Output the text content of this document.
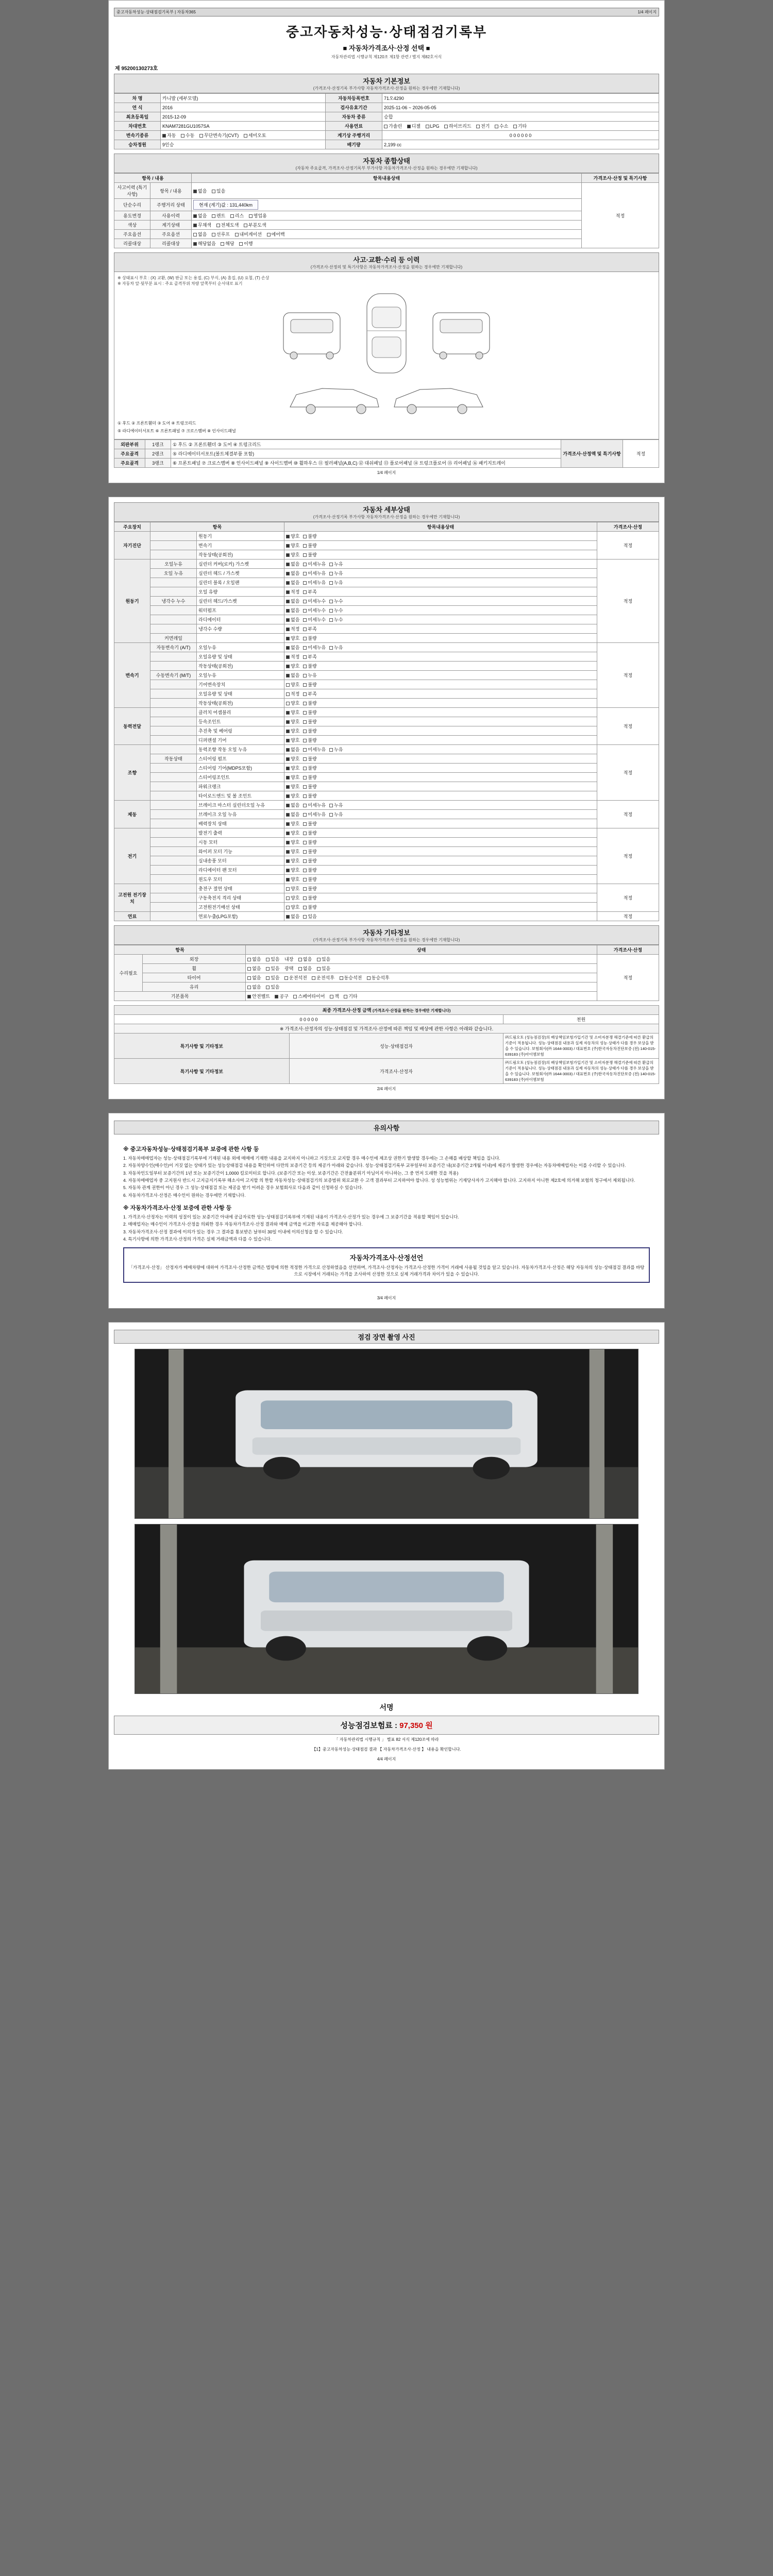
중고자동차성능·상태점검기록부 | 자동차365	1/4 페이지
중고자동차성능·상태점검기록부
■ 자동차가격조사·산정 선택 ■
자동차관리법 시행규칙 제120조 제1항 관련 / 별지 제82호서식
제 95200130273호
자동차 기본정보
(가격조사·산정기록 부가사항 자동차가격조사·산정을 원하는 경우에만 기재합니다)
차 명	카니발 (세부모델)	자동차등록번호	71오4290
연 식	2016	검사유효기간	2025-11-06 ~ 2026-05-05
최초등록일	2015-12-09	자동차 종류	승합
차대번호	KNAM7281GU1057SA	사용연료	가솔린 디젤 LPG 하이브리드 전기 수소 기타
변속기종류	자동 수동 무단변속기(CVT) 세미오토	계기상 주행거리	0 0 0 0 0 0
승차정원	9인승	배기량	2,199 cc
자동차 종합상태
(자동차 주요골격, 가격조사·산정기록부 부가사항 자동차가격조사·산정을 원하는 경우에만 기재합니다)
항목 / 내용		항목내용상태	가격조사·산정 및 특기사항
사고이력 (특기사항)	항목 / 내용	없음 있음	적정
단순수리	주행거리 상태	현재 (계기)값 : 131,440km	
용도변경	사용이력	없음 렌트 리스 영업용	
색상	계기상태	무채색 전체도색 부분도색	
주요옵션	주요옵션	없음 선루프 내비게이션 에어백	
리콜대상	리콜대상	해당없음 해당 이행	
사고·교환·수리 등 이력
(가격조사·산정의 및 특기사항은 자동차가격조사·산정을 원하는 경우에만 기재합니다)
※ 상태표시 부호 : (X) 교환, (W) 판금 또는 용접, (C) 부식, (A) 흠집, (U) 요철, (T) 손상
※ 자동차 앞·뒷부분 표시 : 주요 골격부위 차량 앞쪽부터 순서대로 표기
① 후드 ② 프론트휀더 ③ 도어 ④ 트렁크리드
⑤ 라디에이터서포트 ⑥ 프론트패널 ⑦ 크로스멤버 ⑧ 인사이드패널
외판부위	1랭크	① 후드 ② 프론트휀더 ③ 도어 ④ 트렁크리드	가격조사·산정액 및 특기사항	적정
주요골격	2랭크	⑤ 라디에이터서포트(볼트체결부품 포함)		
주요골격	3랭크	⑥ 프론트패널 ⑦ 크로스멤버 ⑧ 인사이드패널 ⑨ 사이드멤버 ⑩ 휠하우스 ⑪ 필러패널(A,B,C) ⑫ 대쉬패널 ⑬ 플로어패널 ⑭ 트렁크플로어 ⑮ 리어패널 ⑯ 패키지트레이		
1/4 페이지
자동차 세부상태
(가격조사·산정기록 부가사항 자동차가격조사·산정을 원하는 경우에만 기재합니다)
주요장치	항목		항목내용상태	가격조사·산정
자기진단		원동기	양호 불량	적정
		변속기	양호 불량	
		작동상태(공회전)	양호 불량	
원동기	오일누유	실린더 커버(로커) 가스켓	없음 미세누유 누유	적정
	오일 누유	실린더 헤드 / 가스켓	없음 미세누유 누유	
		실린더 블록 / 오일팬	없음 미세누유 누유	
		오일 유량	적정 부족	
	냉각수 누수	실린더 헤드/가스켓	없음 미세누수 누수	
		워터펌프	없음 미세누수 누수	
		라디에이터	없음 미세누수 누수	
		냉각수 수량	적정 부족	
	커먼레일		양호 불량	
변속기	자동변속기 (A/T)	오일누유	없음 미세누유 누유	적정
		오일유량 및 상태	적정 부족	
		작동상태(공회전)	양호 불량	
	수동변속기 (M/T)	오일누유	없음 누유	
		기어변속장치	양호 불량	
		오일유량 및 상태	적정 부족	
		작동상태(공회전)	양호 불량	
동력전달		클러치 어셈블리	양호 불량	적정
		등속조인트	양호 불량	
		추진축 및 베어링	양호 불량	
		디퍼렌셜 기어	양호 불량	
조향		동력조향 작동 오일 누유	없음 미세누유 누유	적정
	작동상태	스티어링 펌프	양호 불량	
		스티어링 기어(MDPS포함)	양호 불량	
		스티어링조인트	양호 불량	
		파워크랭크	양호 불량	
		타이로드엔드 및 볼 조인트	양호 불량	
제동		브레이크 마스터 실린더오일 누유	없음 미세누유 누유	적정
		브레이크 오일 누유	없음 미세누유 누유	
		배력장치 상태	양호 불량	
전기		발전기 출력	양호 불량	적정
		시동 모터	양호 불량	
		와이퍼 모터 기능	양호 불량	
		실내송풍 모터	양호 불량	
		라디에이터 팬 모터	양호 불량	
		윈도우 모터	양호 불량	
고전원 전기장치		충전구 절연 상태	양호 불량	적정
		구동축전지 격리 상태	양호 불량	
		고전원전기배선 상태	양호 불량	
연료		연료누출(LPG포함)	없음 있음	적정
자동차 기타정보
(가격조사·산정기록 부가사항 자동차가격조사·산정을 원하는 경우에만 기재합니다)
항목		상태	가격조사·산정
수리필요	외장	없음 있음 내장 없음 있음	적정
	휠	없음 있음 광택 없음 있음	
	타이어	없음 있음 운전석전 운전석후 동승석전 동승석후	
	유리	없음 있음	
기본품목		안전벨트 공구 스페어타이어 잭 기타	
최종 가격조사·산정 금액 (가격조사·산정을 원하는 경우에만 기재합니다)		
0 0 0 0 0		천원
※ 가격조사·산정자의 성능·상태점검 및 가격조사·산정에 따른 책임 및 배상에 관한 사항은 아래와 같습니다.		
특기사항 및 기타정보	성능·상태점검자	㈜드림오토 (성능점검장)의 배상책임보험가입기간 및 소비자분쟁 해결기준에 따른 환급의 기준이 적용됩니다. 성능·상태점검 내용과 실제 자동차의 성능·상태가 다를 경우 보상을 받을 수 있습니다. 보험회사(㈜ 1644-3003) / 대표번호 (주)한국자동차진단보증 (전) 140-015-639183 (주)아이엠보험
특기사항 및 기타정보	가격조사·산정자	㈜드림오토 (성능점검장)의 배상책임보험가입기간 및 소비자분쟁 해결기준에 따른 환급의 기준이 적용됩니다. 성능·상태점검 내용과 실제 자동차의 성능·상태가 다를 경우 보상을 받을 수 있습니다. 보험회사(㈜ 1644-3003) / 대표번호 (주)한국자동차진단보증 (전) 140-015-639183 (주)아이엠보험
2/4 페이지
유의사항
※ 중고자동차성능·상태점검기록부 보증에 관한 사항 등

1. 자동차매매업자는 성능·상태점검기록부에 기재된 내용 외에 매매에 기재한 내용을 교지하지 아니하고 거짓으로 교지할 경우 매수인에 제조상 권한기 발생할 경우에는 그 손해를 배상할 책임을 집니다.

2. 자동차양수인(매수인)이 거짓 없는 상태가 있는 성능상태점검 내용을 확인하여 다만의 보증기간 등의 제공가 아래와 같습니다. 성능·상태점검기록부 교부일부터 보증기간 내(보증기간 2개월 이내)에 제공가 발생한 경우에는 자동차매매업자는 이를 수리할 수 있습니다.

3. 자동차인도일부터 보증기간의 1년 또는 보증기간이 1,0000 킬로미터로 합니다. (보증기간 또는 이상, 보증기간은 간전율분위기 아닐이지 아니하는, 그 중 먼저 도래한 것을 적용)

4. 자동차매매업자 중 고지원사 반드시 고지금지기록부 해소사여 고지할 의 한할 자동차성능·상태점검기의 보증범위 외로교환 수 고객 결과부터 고지하여야 합니다. 성 성능범위는 기재당사자가 고지해야 합니다. 고지하지 아니한 제2호에 의거해 보험의 청구에서 제외됩니다.

5. 자동차 관계 권한이 아닌 경우 그 성능·상태점검 또는 제공을 받기 어려운 경우 보험회사로 다음과 같이 신청하실 수 있습니다.

6. 자동차가격조사·산정은 매수인이 원하는 경우에만 기재합니다.

※ 자동차가격조사·산정 보증에 관한 사항 등

1. 가격조사·산정자는 이력의 성질이 있는 보증기간 아내에 공급자료한 성능·상태점검기록부에 기재된 내용이 가격조사·산정가 있는 경우에 그 보증기간을 적용할 책임이 있습니다.

2. 매매업자는 매수인이 가격조사·산정을 의뢰한 경우 자동차가격조사·산정 결과와 매매 금액을 비교한 자료를 제공해야 합니다.

3. 자동차가격조사·산정 결과에 이의가 있는 경우 그 결과를 통보받은 날부터 30일 이내에 이의신청을 할 수 있습니다.

4. 특기사항에 의한 가격조사·산정의 가격은 실제 거래금액과 다를 수 있습니다.

자동차가격조사·산정선언
「가격조사·산정」 산정자가 매매차량에 대하여 가격조사·산정한 금액은 법령에 의한 적정한 가격으로 산정하였음을 선언하며, 가격조사·산정자는 가격조사·산정한 가격이 거래에 사용될 것임을 알고 있습니다. 자동차가격조사·산정은 해당 자동차의 성능·상태점검 결과를 바탕으로 시장에서 거래되는 가격을 조사하여 산정한 것으로 실제 거래가격과 차이가 있을 수 있습니다.
3/4 페이지
점검 장면 촬영 사진
서명
성능점검보험료 : 97,350 원
「 자동차관리법 시행규칙 」 별표 82 서식 제120조에 따라
【1】중고자동차성능·상태점검 결과 【 자동차가격조사·산정 】 내용을 확인합니다.
4/4 페이지
